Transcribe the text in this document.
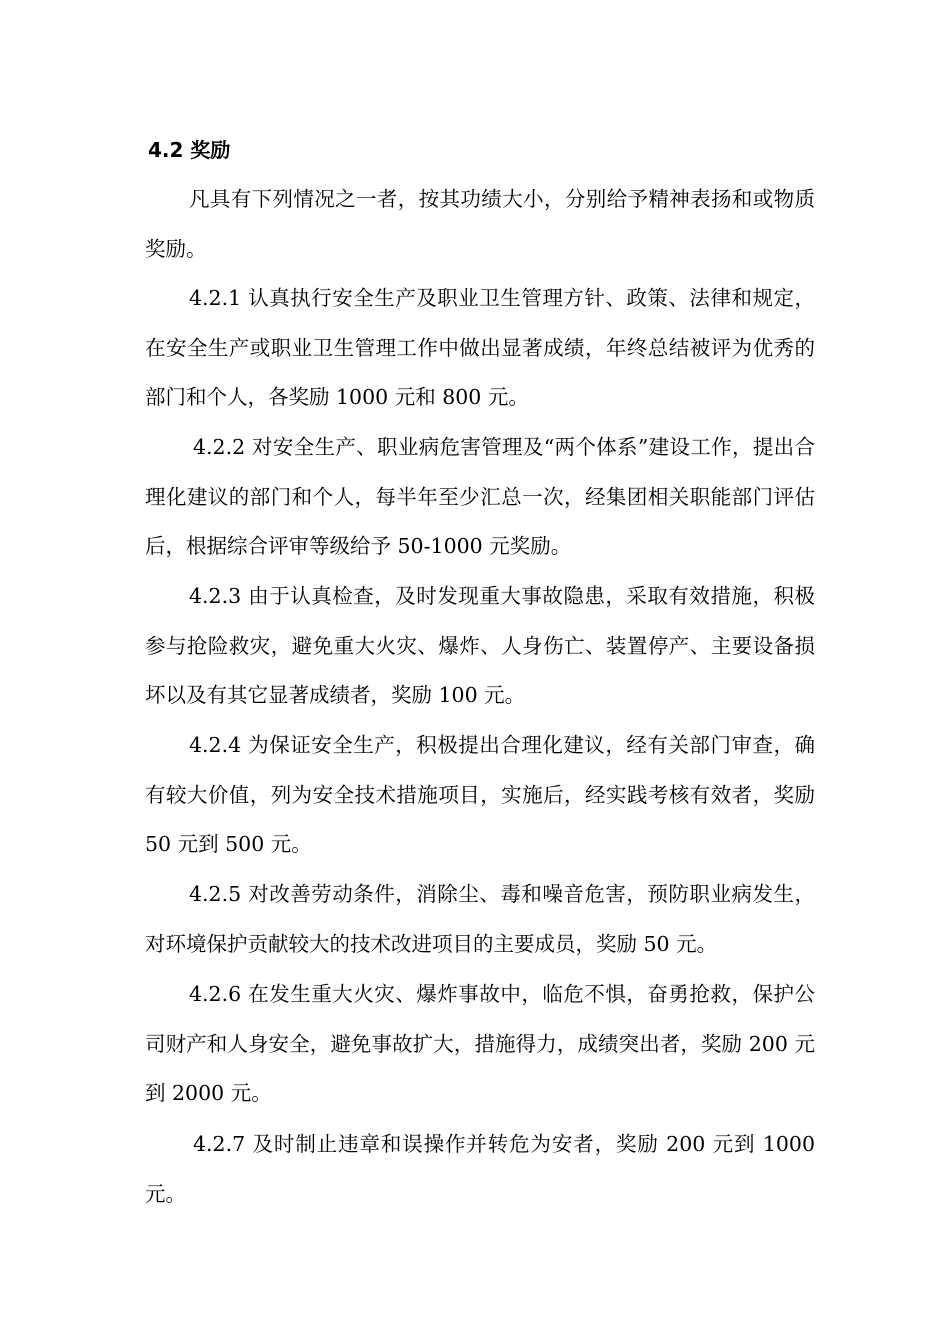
4.2 奖励

凡具有下列情况之一者，按其功绩大小，分别给予精神表扬和或物质奖励。

4.2.1 认真执行安全生产及职业卫生管理方针、政策、法律和规定，在安全生产或职业卫生管理工作中做出显著成绩，年终总结被评为优秀的部门和个人，各奖励 1000 元和 800 元。

4.2.2 对安全生产、职业病危害管理及“两个体系”建设工作，提出合理化建议的部门和个人，每半年至少汇总一次，经集团相关职能部门评估后，根据综合评审等级给予 50-1000 元奖励。

4.2.3 由于认真检查，及时发现重大事故隐患，采取有效措施，积极参与抢险救灾，避免重大火灾、爆炸、人身伤亡、装置停产、主要设备损坏以及有其它显著成绩者，奖励 100 元。

4.2.4 为保证安全生产，积极提出合理化建议，经有关部门审查，确有较大价值，列为安全技术措施项目，实施后，经实践考核有效者，奖励 50 元到 500 元。

4.2.5 对改善劳动条件，消除尘、毒和噪音危害，预防职业病发生，对环境保护贡献较大的技术改进项目的主要成员，奖励 50 元。

4.2.6 在发生重大火灾、爆炸事故中，临危不惧，奋勇抢救，保护公司财产和人身安全，避免事故扩大，措施得力，成绩突出者，奖励 200 元到 2000 元。

4.2.7 及时制止违章和误操作并转危为安者，奖励 200 元到 1000 元。
